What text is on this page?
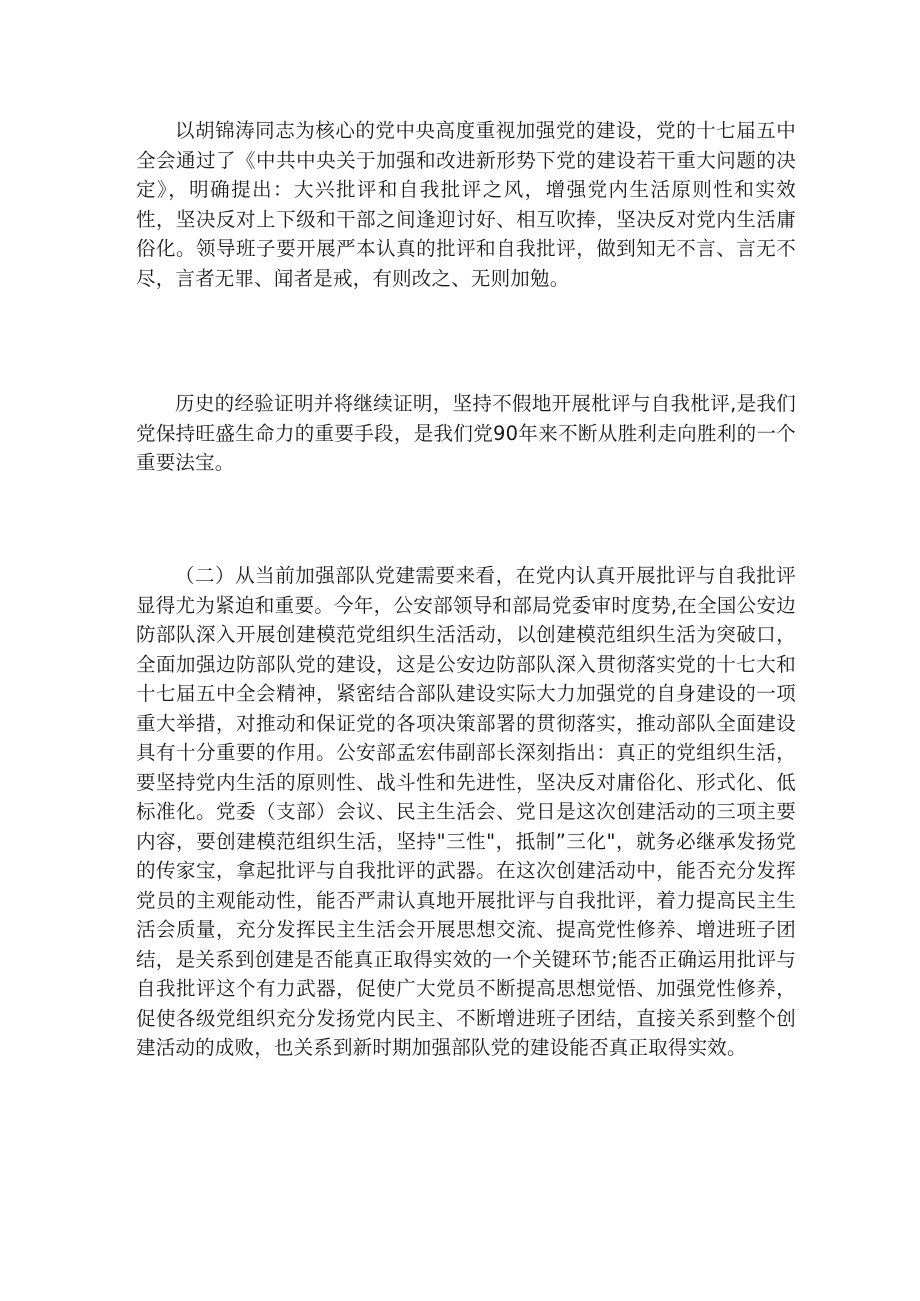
以胡锦涛同志为核心的党中央高度重视加强党的建设，党的十七届五中全会通过了《中共中央关于加强和改进新形势下党的建设若干重大问题的决定》，明确提出：大兴批评和自我批评之风，增强党内生活原则性和实效性，坚决反对上下级和干部之间逢迎讨好、相互吹捧，坚决反对党内生活庸俗化。领导班子要开展严本认真的批评和自我批评，做到知无不言、言无不尽，言者无罪、闻者是戒，有则改之、无则加勉。

历史的经验证明并将继续证明，坚持不假地开展枇评与自我枇评,是我们党保持旺盛生命力的重要手段，是我们党90年来不断从胜利走向胜利的一个重要法宝。

（二）从当前加强部队党建需要来看，在党内认真开展批评与自我批评显得尤为紧迫和重要。今年，公安部领导和部局党委审时度势,在全国公安边防部队深入开展创建模范党组织生活活动，以创建模范组织生活为突破口，全面加强边防部队党的建设，这是公安边防部队深入贯彻落实党的十七大和十七届五中全会精神，紧密结合部队建设实际大力加强党的自身建设的一项重大举措，对推动和保证党的各项决策部署的贯彻落实，推动部队全面建设具有十分重要的作用。公安部孟宏伟副部长深刻指出：真正的党组织生活，要坚持党内生活的原则性、战斗性和先进性，坚决反对庸俗化、形式化、低标准化。党委（支部）会议、民主生活会、党日是这次创建活动的三项主要内容，要创建模范组织生活，坚持"三性"，抵制”三化"，就务必继承发扬党的传家宝，拿起批评与自我批评的武器。在这次创建活动中，能否充分发挥党员的主观能动性，能否严肃认真地开展批评与自我批评，着力提高民主生活会质量，充分发挥民主生活会开展思想交流、提高党性修养、增进班子团结，是关系到创建是否能真正取得实效的一个关键环节;能否正确运用批评与自我批评这个有力武器，促使广大党员不断提高思想觉悟、加强党性修养，促使各级党组织充分发扬党内民主、不断增进班子团结，直接关系到整个创建活动的成败，也关系到新时期加强部队党的建设能否真正取得实效。
